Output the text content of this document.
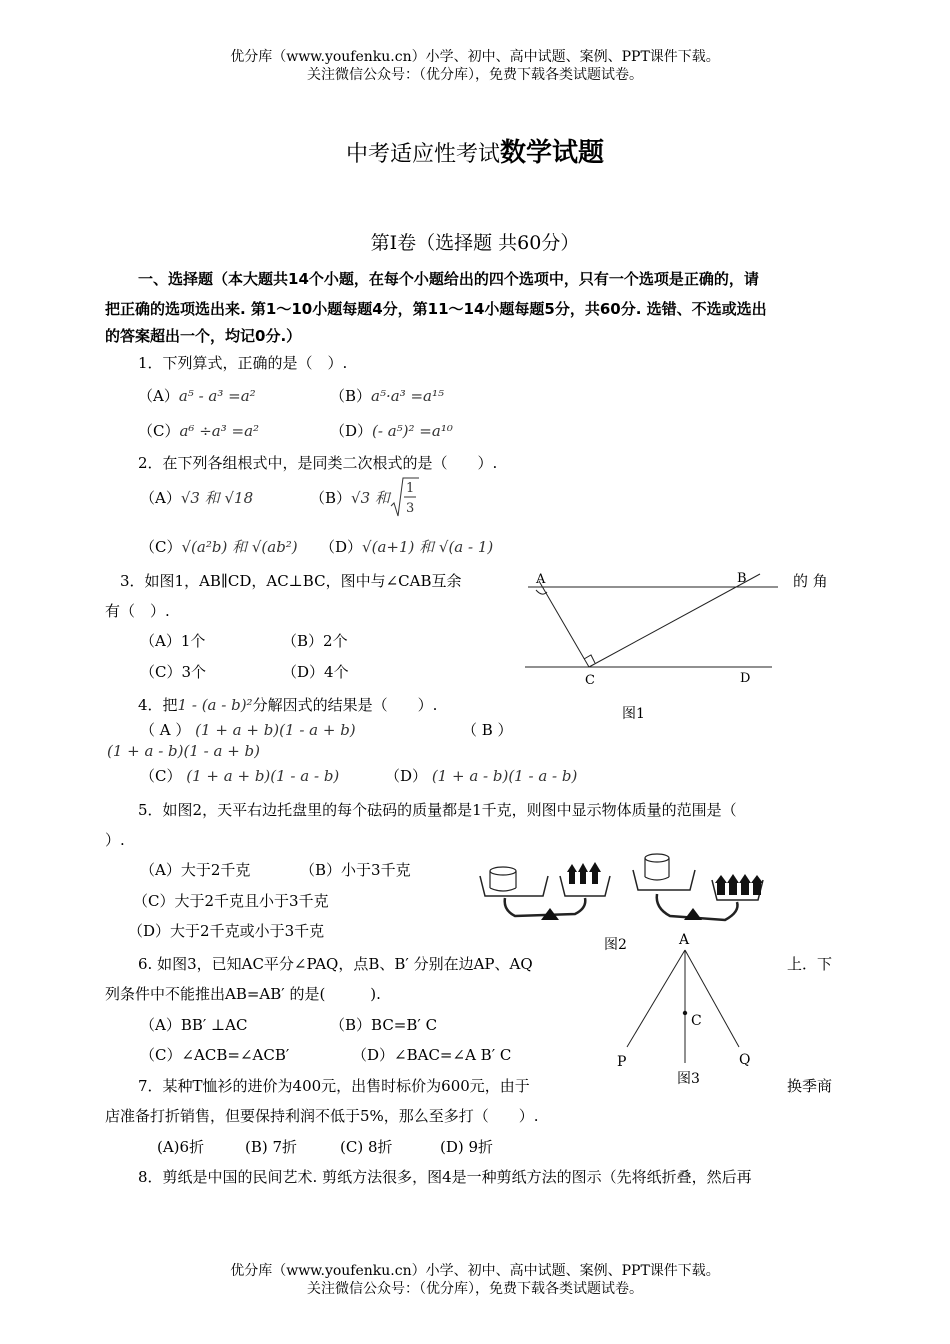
优分库（www.youfenku.cn）小学、初中、高中试题、案例、PPT课件下载。
关注微信公众号：（优分库），免费下载各类试题试卷。
中考适应性考试数学试题
第Ⅰ卷（选择题 共60分）
一、选择题（本大题共14个小题，在每个小题给出的四个选项中，只有一个选项是正确的，请
把正确的选项选出来. 第1～10小题每题4分，第11～14小题每题5分，共60分. 选错、不选或选出
的答案超出一个，均记0分.）
1．下列算式，正确的是（　）.
（A）a⁵ - a³ =a²	（B）a⁵·a³ =a¹⁵
（C）a⁶ ÷a³ =a²	（D）(- a⁵)² =a¹⁰
2．在下列各组根式中，是同类二次根式的是（　　）.
（A）√3 和 √18	（B）√3 和
1
3
（C）√(a²b) 和 √(ab²) （D）√(a+1) 和 √(a - 1)
3．如图1，AB∥CD，AC⊥BC，图中与∠CAB互余	的 角
有（　）.
（A）1个	（B）2个
（C）3个	（D）4个
A	B
C	D
图1
4．把1 - (a - b)²分解因式的结果是（　　）.
（ A ） (1 + a + b)(1 - a + b)	（ B ）
(1 + a - b)(1 - a + b)
（C） (1 + a + b)(1 - a - b)	（D） (1 + a - b)(1 - a - b)
5．如图2，天平右边托盘里的每个砝码的质量都是1千克，则图中显示物体质量的范围是（
）.
（A）大于2千克	（B）小于3千克
（C）大于2千克且小于3千克
（D）大于2千克或小于3千克
图2	A
C
P	Q
图3
6. 如图3，已知AC平分∠PAQ，点B、B′ 分别在边AP、AQ	上．下
列条件中不能推出AB=AB′ 的是(　　　).
（A）BB′ ⊥AC	（B）BC=B′ C
（C）∠ACB=∠ACB′	（D）∠BAC=∠A B′ C
7．某种T恤衫的进价为400元，出售时标价为600元，由于	换季商
店准备打折销售，但要保持利润不低于5%，那么至多打（　　）.
(A)6折	(B) 7折	(C) 8折	(D) 9折
8．剪纸是中国的民间艺术. 剪纸方法很多，图4是一种剪纸方法的图示（先将纸折叠，然后再
优分库（www.youfenku.cn）小学、初中、高中试题、案例、PPT课件下载。
关注微信公众号：（优分库），免费下载各类试题试卷。
